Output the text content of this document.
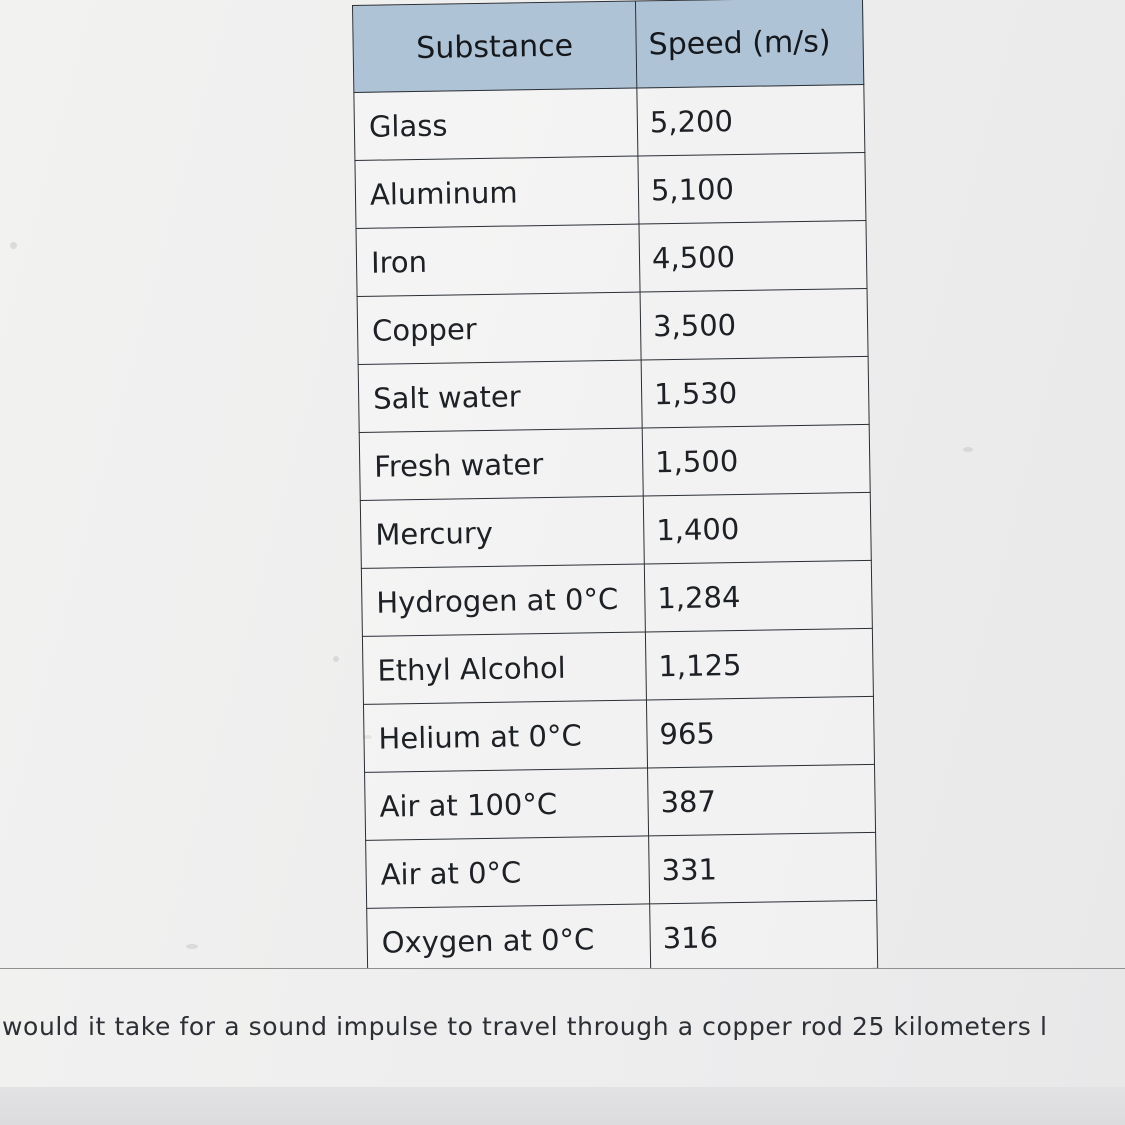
Substance	Speed (m/s)
Glass	5,200
Aluminum	5,100
Iron	4,500
Copper	3,500
Salt water	1,530
Fresh water	1,500
Mercury	1,400
Hydrogen at 0°C	1,284
Ethyl Alcohol	1,125
Helium at 0°C	965
Air at 100°C	387
Air at 0°C	331
Oxygen at 0°C	316
would it take for a sound impulse to travel through a copper rod 25 kilometers l
